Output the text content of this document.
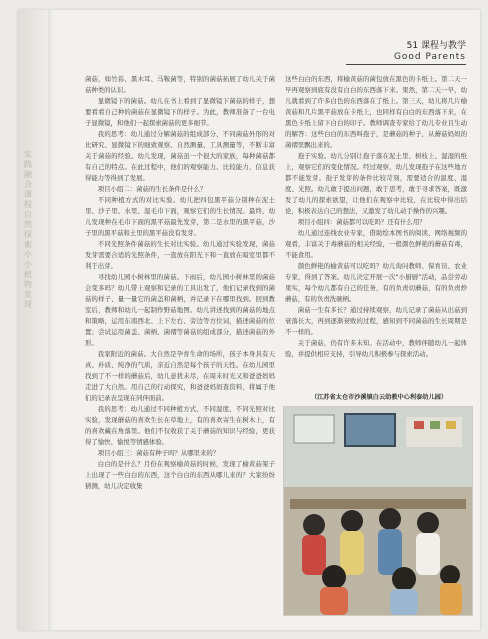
实践 融合课程 自然 探索 小小植物 发现
51 课程与教学
Good Parents

菌菇，如竹荪、黑木耳、马鞍菌等，特别的菌菇拓展了幼儿关于菌菇种类的认识。

显微镜下的菌菇。幼儿在书上看到了显微镜下菌菇的样子，想要看看自己种的菌菇在显微镜下的样子。为此，教师准备了一台电子显微镜，和他们一起探索菌菇的更多细节。

我的思考：幼儿通过分解菌菇的组成部分、不同菌菇外形的对比研究、显微镜下的细致观察、自然测量、工具测量等，不断丰富关于菌菇的经验。幼儿发现，菌菇虽一个很大的家族，每种菌菇都有自己的特点。在此过程中，他们的观察能力、比较能力、信息获得能力等得到了发展。

项目小组二：菌菇的生长条件是什么？

不同种植方式的对比实验。幼儿把四包黑平菇分别种在泥土里、沙子里、水里、湿毛巾下面，观察它们的生长情况。最终，幼儿发现种在毛巾下面的黑平菇最先发芽，第二是水里的黑平菇，沙子里的黑平菇和土里的黑平菇没有发芽。

不同光照条件菌菇的生长对比实验。幼儿通过实验发现，菌菇发芽需要合适的光照条件，一直放在阳光下和一直放在暗室里都不利于出芽。

寻找幼儿园小树林里的菌菇。下雨后，幼儿园小树林里的菌菇会变多吗？幼儿带上观察和记录的工具出发了，他们记录找到的菌菇的样子、量一量它的菌盖和菌柄，并记录下在哪里找到。回到教室后，教师和幼儿一起制作野菇地图。幼儿讲述找到的菌菇的地点和策略，运用东南西北、上下左右、旁边等方位词，描述菌菇的位置；尝试运用菌盖、菌柄、菌褶等菌菇的组成部分，描述菌菇的外形。

我家附近的菌菇。大自然是孕育生命的场所，孩子本身具有天真、朴质、纯净的气质，亲近自然是每个孩子的天性。在幼儿园里找到了不一样的蘑菇后，幼儿意犹未尽，在周末时光又和爸爸妈妈走进了大自然。用自己的行动探究，和爸爸妈妈查资料，将属于他们的记录表呈现在同伴面前。

我的思考：幼儿通过不同种植方式、不同湿度、不同光照对比实验，发现蘑菇的喜欢生长在草地上，有的喜欢寄生在树木上，有的喜欢藏在角落里。他们不仅收获了关于蘑菇的知识与经验，更获得了愉快、愉悦等情感体验。

项目小组三：菌菇有种子吗？从哪里来的？

白白的是什么？月份在观察榆黄菇的时候，发现了榆黄菇架子上出现了一些白白的东西，这个白白的东西从哪儿来的？大家纷纷猜测，幼儿决定收集

这些白白的东西，将榆黄菇的菌包放在黑色的卡纸上。第二天一早再观察到底有没有白白的东西落下来。果然，第二天一早，幼儿就看到了许多白色的东西落在了纸上。第三天，幼儿将几片榆黄菇和几片黑平菇放在卡纸上，也同样有白白的东西落下来，在黑色卡纸上留下白白的印子。教师调查专家给了幼儿专业且生动的解答：这些白白的东西叫孢子，是蘑菇的种子，从蘑菇妈妈的菌褶里飘出来的。

孢子实验。幼儿分别让孢子落在泥土里、树枝上、湿湿的纸上，观察它们的变化情况。经过观察，幼儿发现孢子在这些地方都不能发芽。孢子发芽的条件比较苛刻，需要适合的温度、湿度、光照。幼儿敢于提出问题，敢于思考，敢于寻求答案，既激发了幼儿的探索欲望，让他们在观察中比较，在比较中得出结论，积极表达自己的想法，又激发了幼儿动手操作的兴趣。

项目小组四：菌菇都可以吃吗？还有什么用？

幼儿通过连线农业专家，借助绘本图书的阅读、网络视频的观看，丰富关于毒蘑菇的相关经验，一般颜色鲜艳的蘑菇有毒，不能食用。

颜色鲜艳的榆黄菇可以吃吗？幼儿询问教师、保育员、农业专家，得到了答案。幼儿决定开展一次“小厨厨”活动，品尝劳动果实，每个幼儿都有自己的任务，有的负责切蘑菇，有的负责炒蘑菇，有的负责洗碗柄。

菌菇一生有多长？通过持续观察，幼儿记录了菌菇从出菇到衰落长大，再到逐渐衰败的过程，感知到不同菌菇的生长周期是不一样的。

关于菌菇，仍有许多未知。在活动中，教师伴随幼儿一起体验，并提供相应支持，引导幼儿积极参与探索活动。

（江苏省太仓市沙溪镇白云幼教中心利泰幼儿园）
